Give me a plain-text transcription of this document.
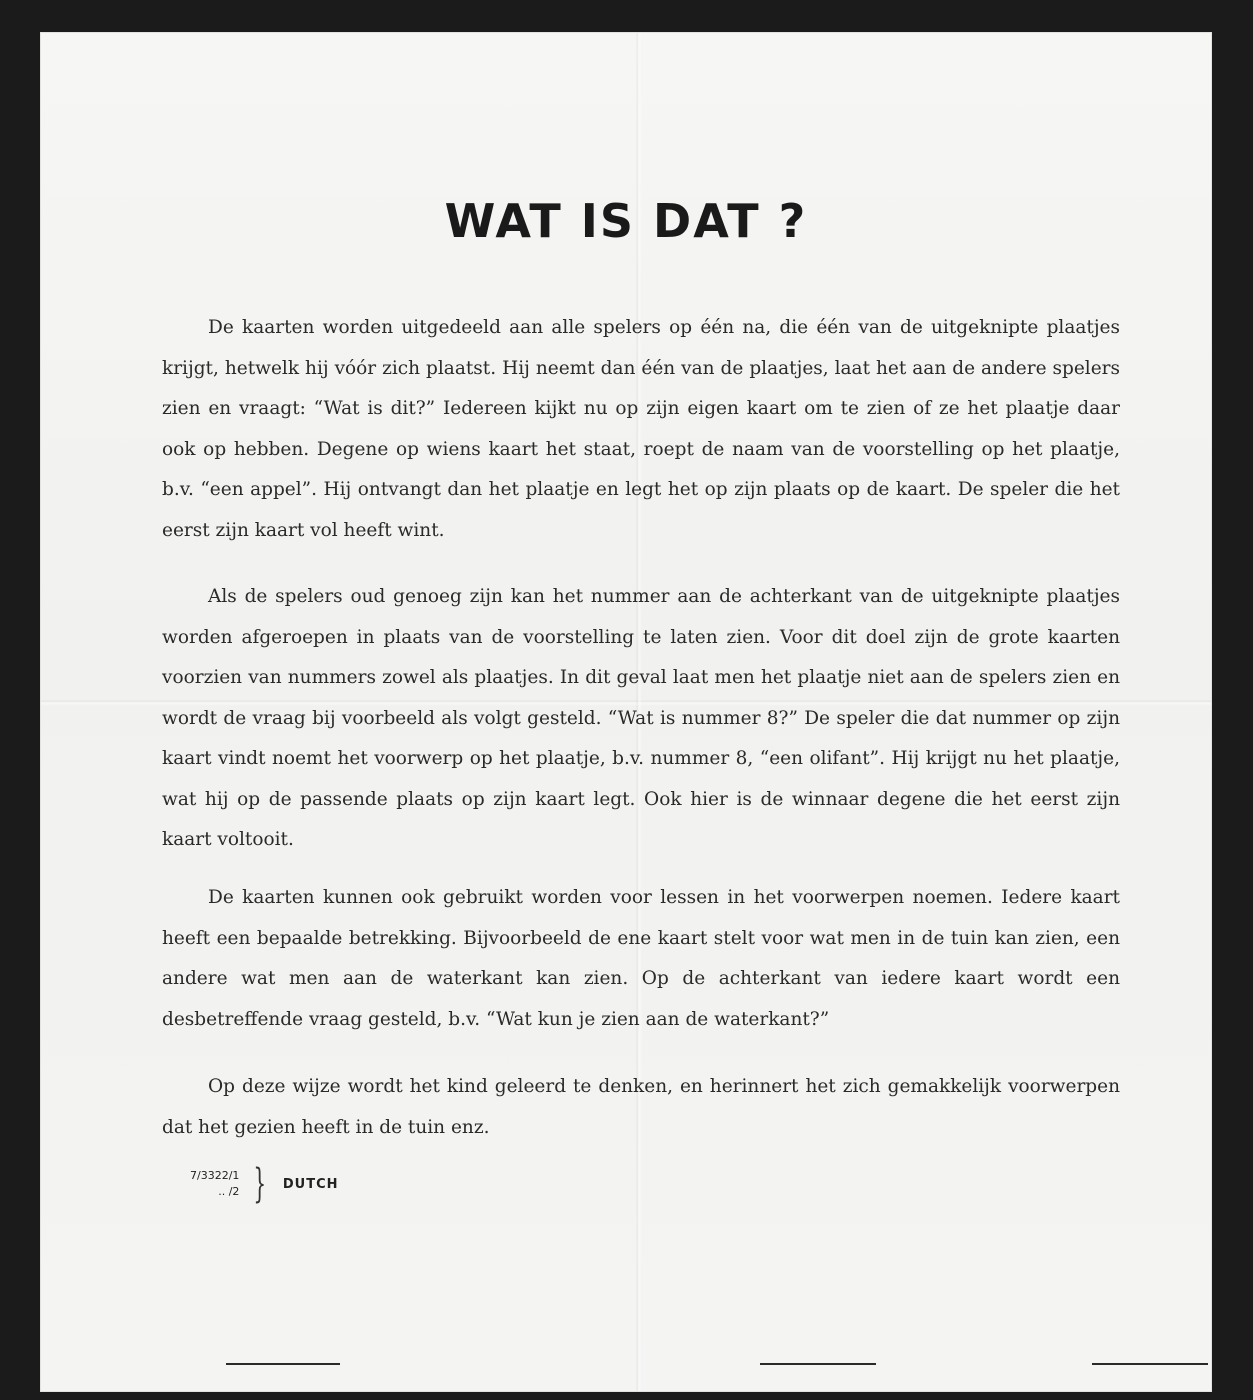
WAT IS DAT ?

De kaarten worden uitgedeeld aan alle spelers op één na, die één van de uitgeknipte plaatjes krijgt, hetwelk hij vóór zich plaatst. Hij neemt dan één van de plaatjes, laat het aan de andere spelers zien en vraagt: “Wat is dit?” Iedereen kijkt nu op zijn eigen kaart om te zien of ze het plaatje daar ook op hebben. Degene op wiens kaart het staat, roept de naam van de voorstelling op het plaatje, b.v. “een appel”. Hij ontvangt dan het plaatje en legt het op zijn plaats op de kaart. De speler die het eerst zijn kaart vol heeft wint.

Als de spelers oud genoeg zijn kan het nummer aan de achterkant van de uitgeknipte plaatjes worden afgeroepen in plaats van de voorstelling te laten zien. Voor dit doel zijn de grote kaarten voorzien van nummers zowel als plaatjes. In dit geval laat men het plaatje niet aan de spelers zien en wordt de vraag bij voorbeeld als volgt gesteld. “Wat is nummer 8?” De speler die dat nummer op zijn kaart vindt noemt het voorwerp op het plaatje, b.v. nummer 8, “een olifant”. Hij krijgt nu het plaatje, wat hij op de passende plaats op zijn kaart legt. Ook hier is de winnaar degene die het eerst zijn kaart voltooit.

De kaarten kunnen ook gebruikt worden voor lessen in het voorwerpen noemen. Iedere kaart heeft een bepaalde betrekking. Bijvoorbeeld de ene kaart stelt voor wat men in de tuin kan zien, een andere wat men aan de waterkant kan zien. Op de achterkant van iedere kaart wordt een desbetreffende vraag gesteld, b.v. “Wat kun je zien aan de waterkant?”

Op deze wijze wordt het kind geleerd te denken, en herinnert het zich gemakkelijk voorwerpen dat het gezien heeft in de tuin enz.

7/3322/1
.. /2 } DUTCH
